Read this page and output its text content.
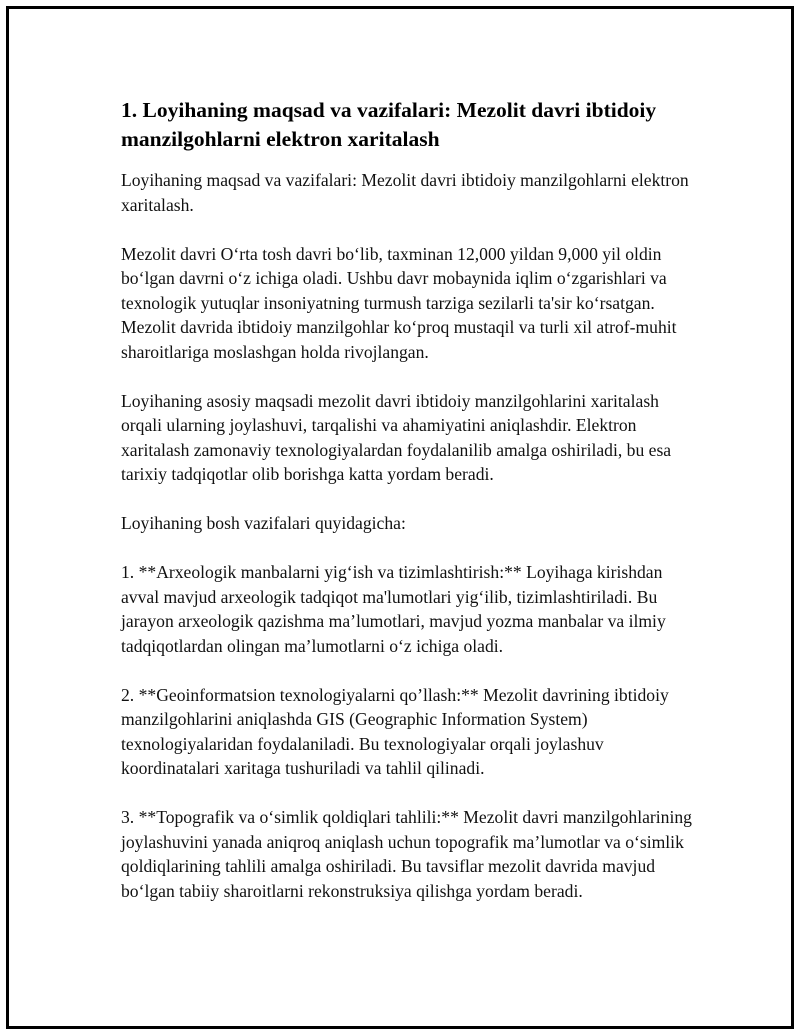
1. Loyihaning maqsad va vazifalari: Mezolit davri ibtidoiy manzilgohlarni elektron xaritalash

Loyihaning maqsad va vazifalari: Mezolit davri ibtidoiy manzilgohlarni elektron xaritalash.

Mezolit davri O‘rta tosh davri bo‘lib, taxminan 12,000 yildan 9,000 yil oldin bo‘lgan davrni o‘z ichiga oladi. Ushbu davr mobaynida iqlim o‘zgarishlari va texnologik yutuqlar insoniyatning turmush tarziga sezilarli ta'sir ko‘rsatgan. Mezolit davrida ibtidoiy manzilgohlar ko‘proq mustaqil va turli xil atrof-muhit sharoitlariga moslashgan holda rivojlangan.

Loyihaning asosiy maqsadi mezolit davri ibtidoiy manzilgohlarini xaritalash orqali ularning joylashuvi, tarqalishi va ahamiyatini aniqlashdir. Elektron xaritalash zamonaviy texnologiyalardan foydalanilib amalga oshiriladi, bu esa tarixiy tadqiqotlar olib borishga katta yordam beradi.

Loyihaning bosh vazifalari quyidagicha:

1. **Arxeologik manbalarni yig‘ish va tizimlashtirish:** Loyihaga kirishdan avval mavjud arxeologik tadqiqot ma'lumotlari yig‘ilib, tizimlashtiriladi. Bu jarayon arxeologik qazishma ma’lumotlari, mavjud yozma manbalar va ilmiy tadqiqotlardan olingan ma’lumotlarni o‘z ichiga oladi.

2. **Geoinformatsion texnologiyalarni qo’llash:** Mezolit davrining ibtidoiy manzilgohlarini aniqlashda GIS (Geographic Information System) texnologiyalaridan foydalaniladi. Bu texnologiyalar orqali joylashuv koordinatalari xaritaga tushuriladi va tahlil qilinadi.

3. **Topografik va o‘simlik qoldiqlari tahlili:** Mezolit davri manzilgohlarining joylashuvini yanada aniqroq aniqlash uchun topografik ma’lumotlar va o‘simlik qoldiqlarining tahlili amalga oshiriladi. Bu tavsiflar mezolit davrida mavjud bo‘lgan tabiiy sharoitlarni rekonstruksiya qilishga yordam beradi.
